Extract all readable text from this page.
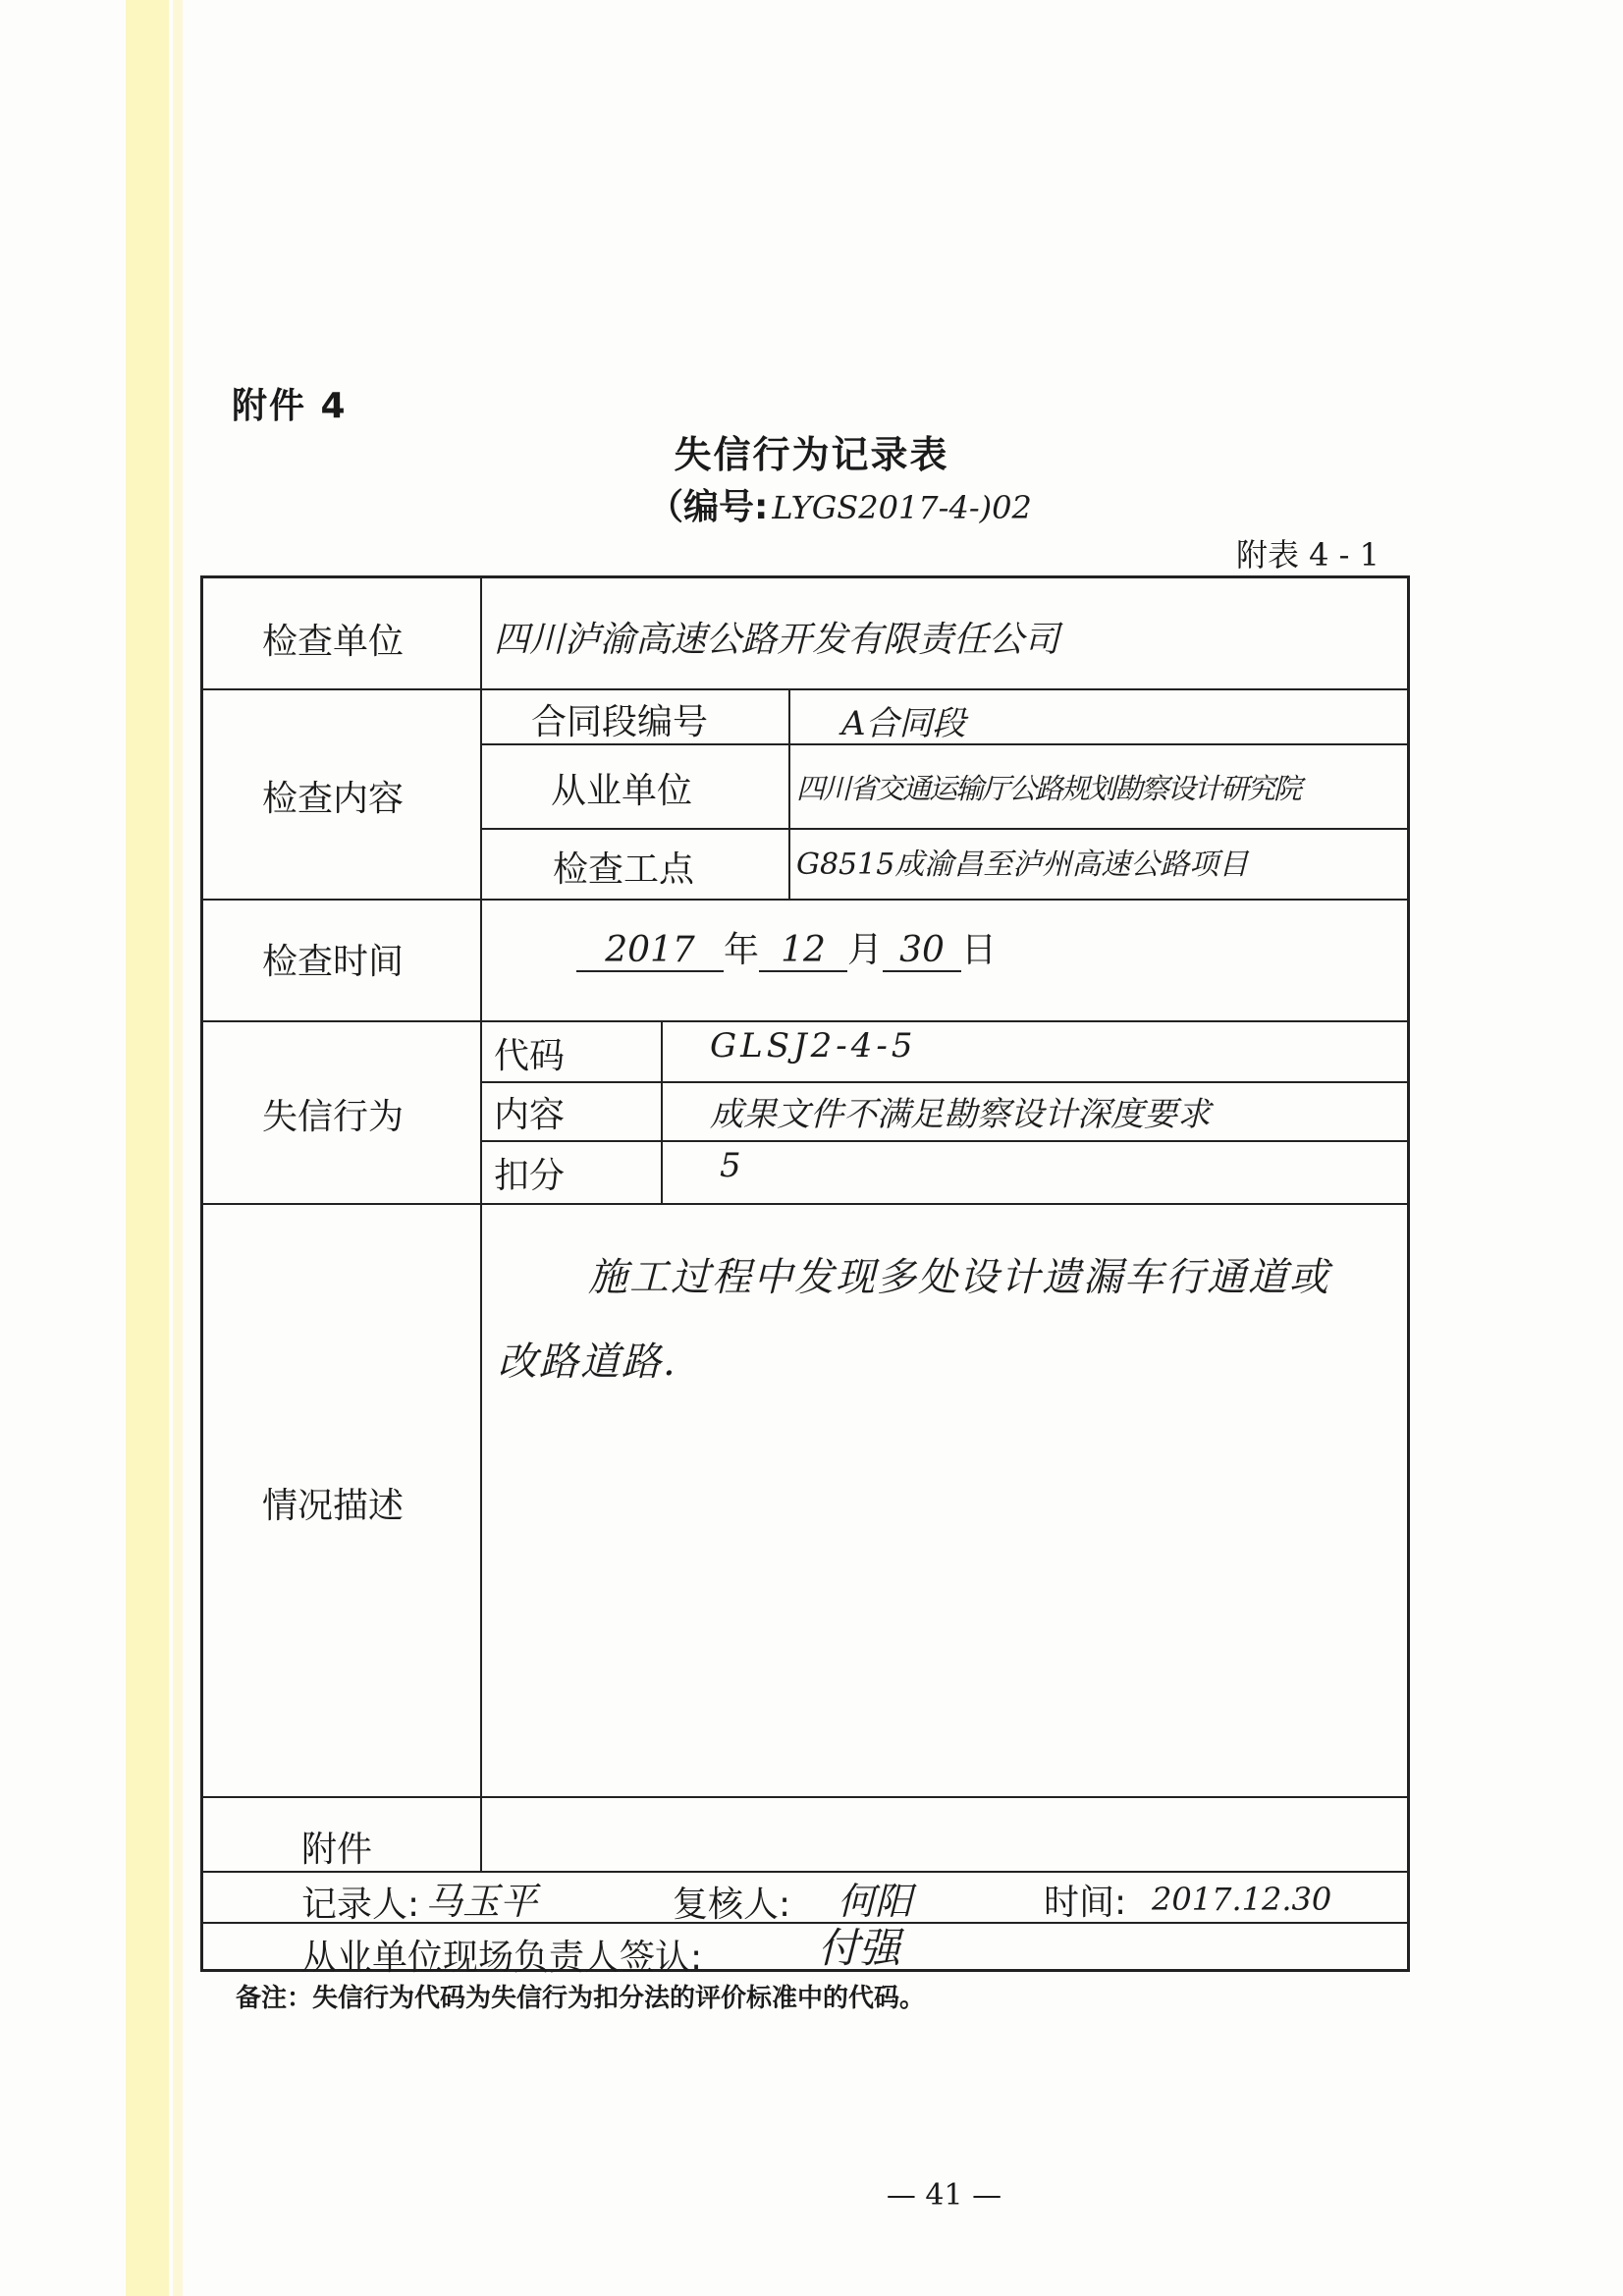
附件 4
失信行为记录表
（编号: LYGS2017-4-)02
附表 4 - 1
检查单位	四川泸渝高速公路开发有限责任公司
检查内容
合同段编号	A合同段
从业单位	四川省交通运输厅公路规划勘察设计研究院
检查工点	G8515成渝昌至泸州高速公路项目
检查时间	2017 年 12 月 30 日
失信行为
代码	GLSJ2-4-5
内容	成果文件不满足勘察设计深度要求
扣分	5
情况描述
施工过程中发现多处设计遗漏车行通道或
改路道路.
附件
记录人: 马玉平	复核人: 何阳	时间: 2017.12.30
从业单位现场负责人签认:	付强
备注：失信行为代码为失信行为扣分法的评价标准中的代码。
— 41 —
